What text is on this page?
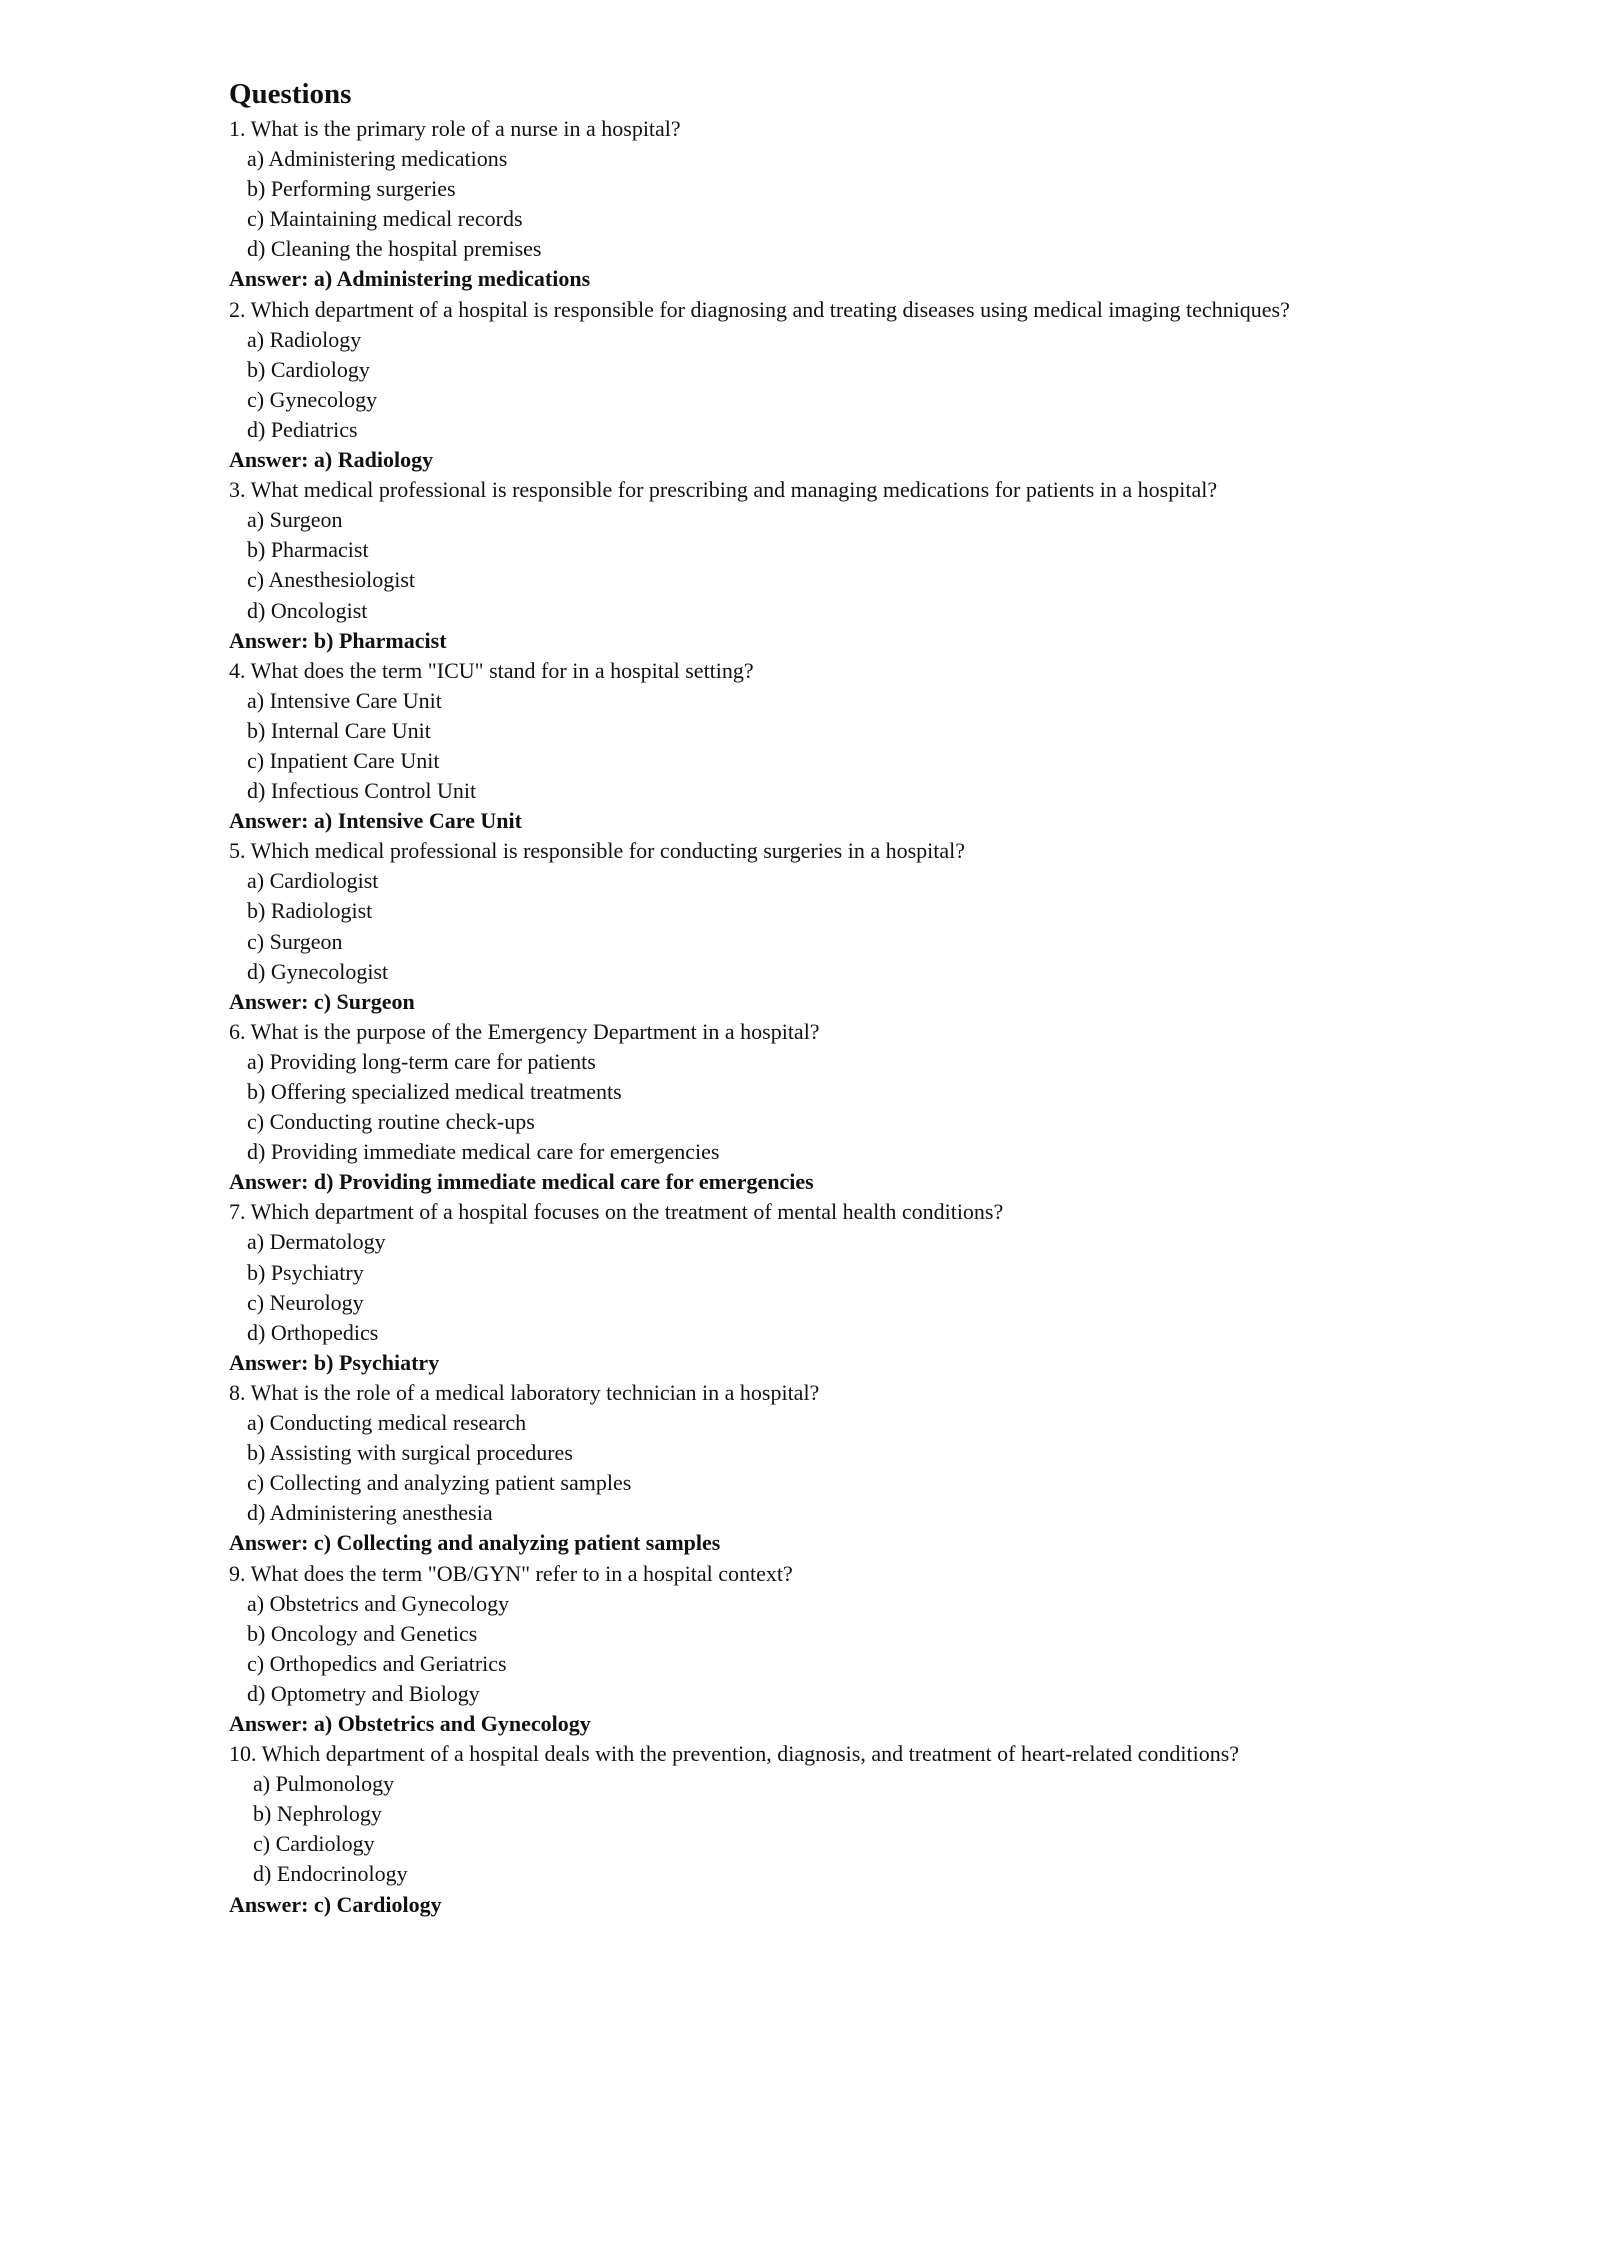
Questions
1. What is the primary role of a nurse in a hospital?
a) Administering medications
b) Performing surgeries
c) Maintaining medical records
d) Cleaning the hospital premises
Answer: a) Administering medications
2. Which department of a hospital is responsible for diagnosing and treating diseases using medical imaging techniques?
a) Radiology
b) Cardiology
c) Gynecology
d) Pediatrics
Answer: a) Radiology
3. What medical professional is responsible for prescribing and managing medications for patients in a hospital?
a) Surgeon
b) Pharmacist
c) Anesthesiologist
d) Oncologist
Answer: b) Pharmacist
4. What does the term "ICU" stand for in a hospital setting?
a) Intensive Care Unit
b) Internal Care Unit
c) Inpatient Care Unit
d) Infectious Control Unit
Answer: a) Intensive Care Unit
5. Which medical professional is responsible for conducting surgeries in a hospital?
a) Cardiologist
b) Radiologist
c) Surgeon
d) Gynecologist
Answer: c) Surgeon
6. What is the purpose of the Emergency Department in a hospital?
a) Providing long-term care for patients
b) Offering specialized medical treatments
c) Conducting routine check-ups
d) Providing immediate medical care for emergencies
Answer: d) Providing immediate medical care for emergencies
7. Which department of a hospital focuses on the treatment of mental health conditions?
a) Dermatology
b) Psychiatry
c) Neurology
d) Orthopedics
Answer: b) Psychiatry
8. What is the role of a medical laboratory technician in a hospital?
a) Conducting medical research
b) Assisting with surgical procedures
c) Collecting and analyzing patient samples
d) Administering anesthesia
Answer: c) Collecting and analyzing patient samples
9. What does the term "OB/GYN" refer to in a hospital context?
a) Obstetrics and Gynecology
b) Oncology and Genetics
c) Orthopedics and Geriatrics
d) Optometry and Biology
Answer: a) Obstetrics and Gynecology
10. Which department of a hospital deals with the prevention, diagnosis, and treatment of heart-related conditions?
a) Pulmonology
b) Nephrology
c) Cardiology
d) Endocrinology
Answer: c) Cardiology
